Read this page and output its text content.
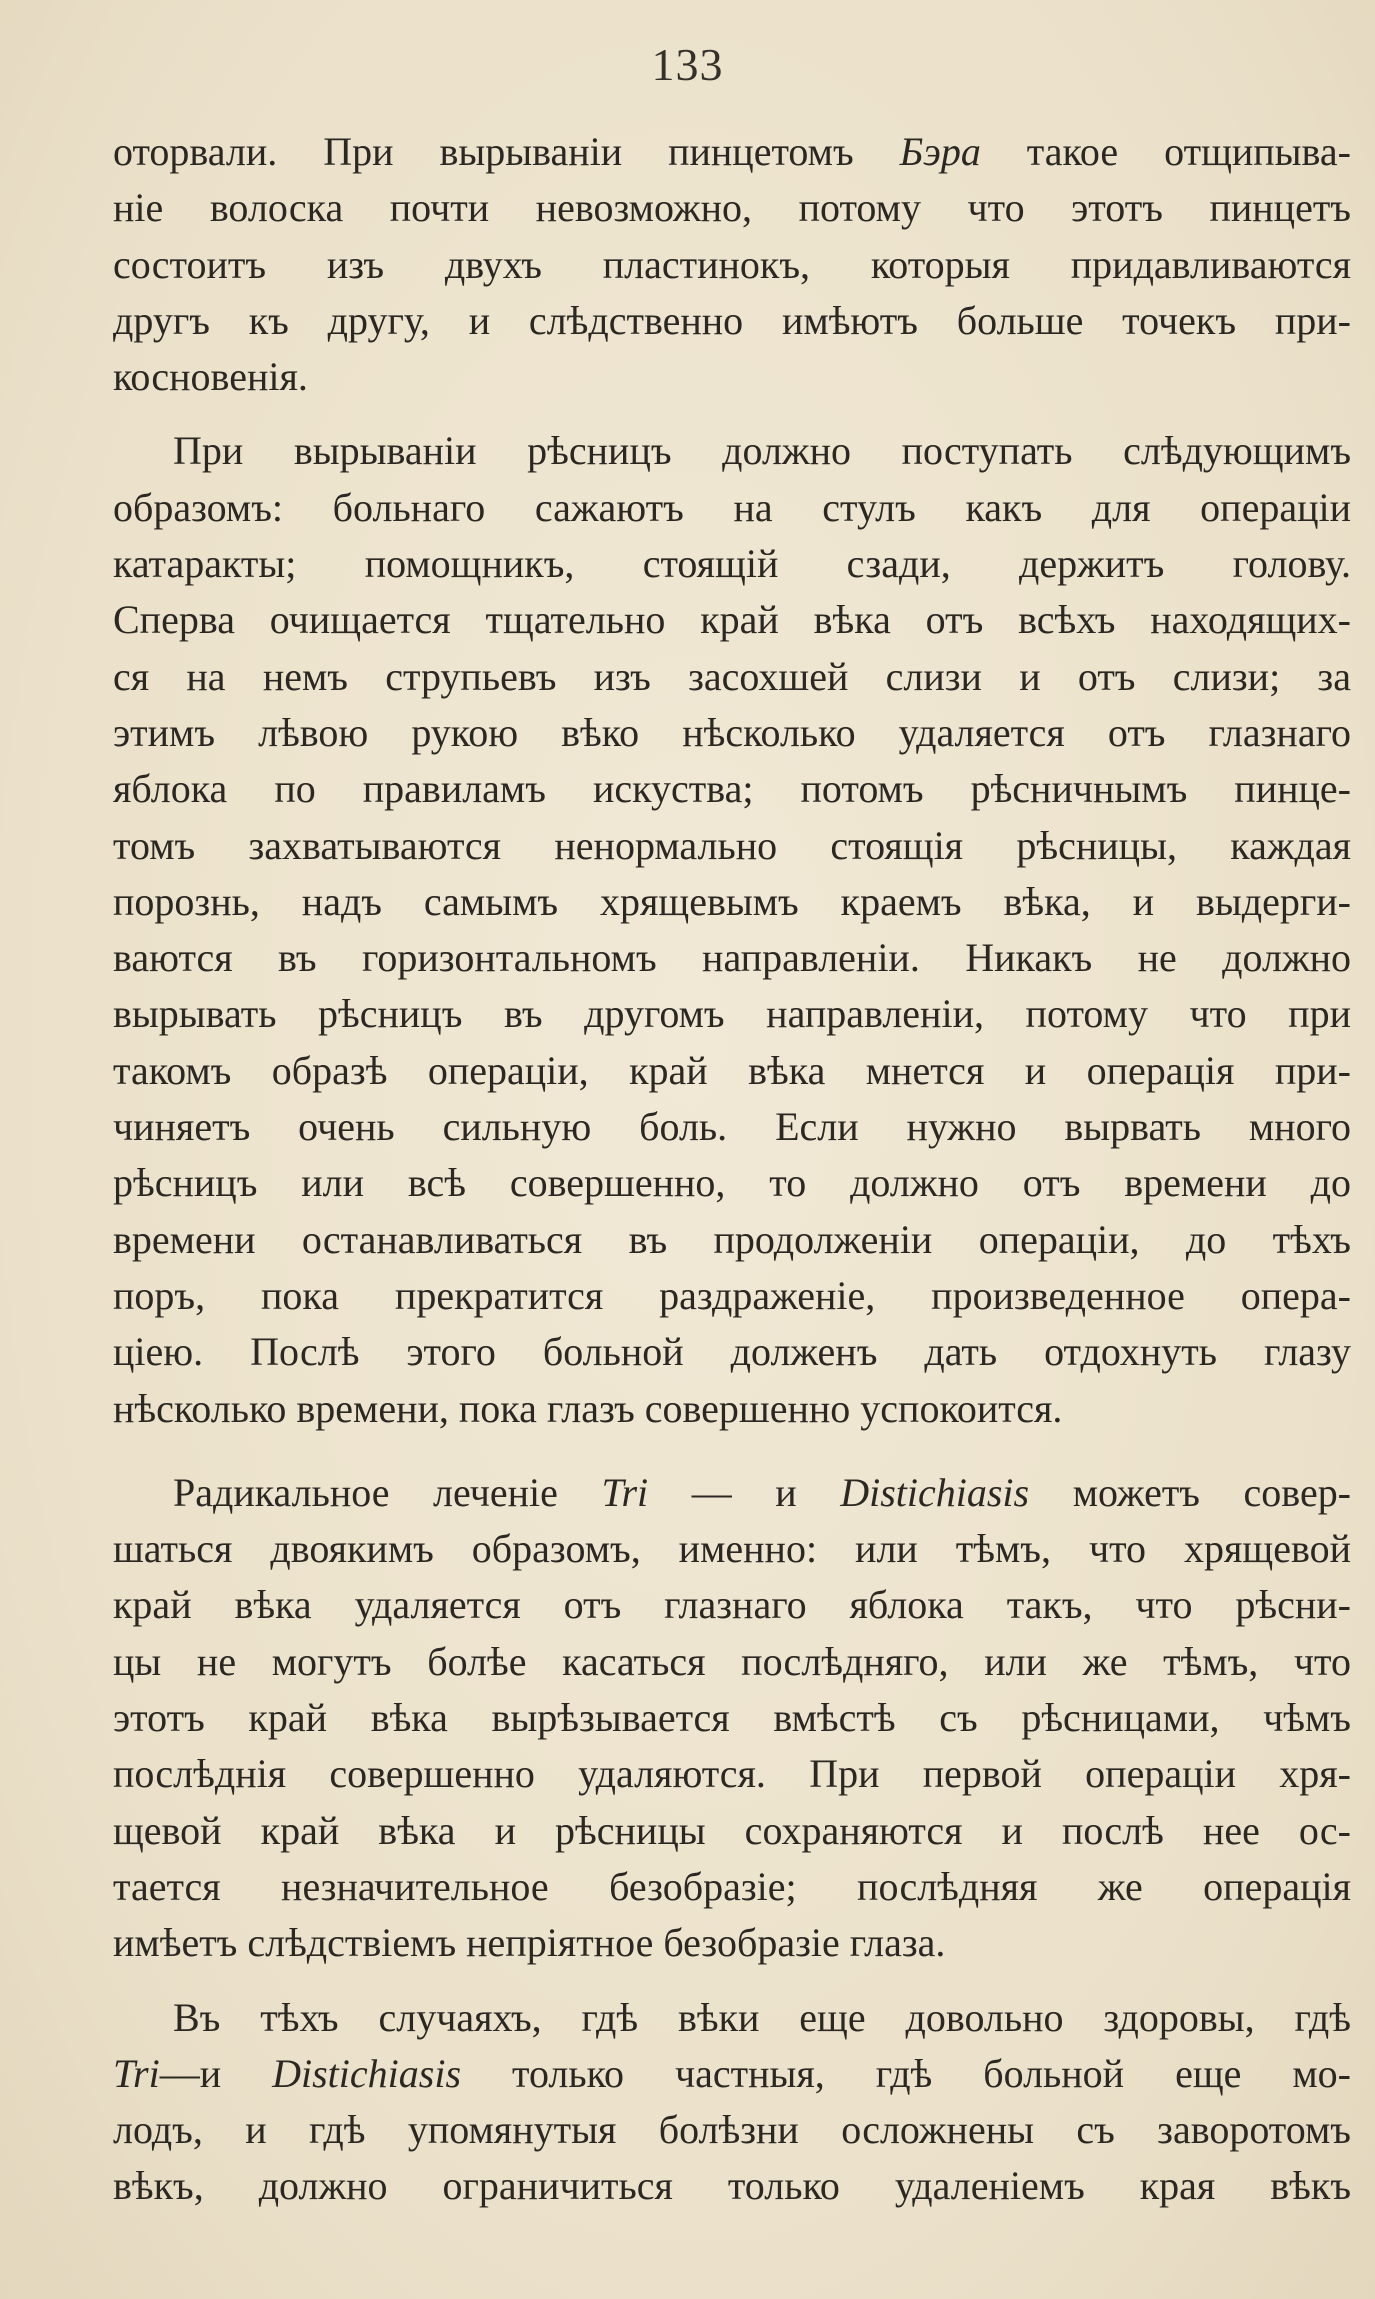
133
оторвали. При вырываніи пинцетомъ Бэра такое отщипыва-
ніе волоска почти невозможно, потому что этотъ пинцетъ
состоитъ изъ двухъ пластинокъ, которыя придавливаются
другъ къ другу, и слѣдственно имѣютъ больше точекъ при-
косновенія.
При вырываніи рѣсницъ должно поступать слѣдующимъ
образомъ: больнаго сажаютъ на стулъ какъ для операціи
катаракты; помощникъ, стоящій сзади, держитъ голову.
Сперва очищается тщательно край вѣка отъ всѣхъ находящих-
ся на немъ струпьевъ изъ засохшей слизи и отъ слизи; за
этимъ лѣвою рукою вѣко нѣсколько удаляется отъ глазнаго
яблока по правиламъ искуства; потомъ рѣсничнымъ пинце-
томъ захватываются ненормально стоящія рѣсницы, каждая
порознь, надъ самымъ хрящевымъ краемъ вѣка, и выдерги-
ваются въ горизонтальномъ направленіи. Никакъ не должно
вырывать рѣсницъ въ другомъ направленіи, потому что при
такомъ образѣ операціи, край вѣка мнется и операція при-
чиняетъ очень сильную боль. Если нужно вырвать много
рѣсницъ или всѣ совершенно, то должно отъ времени до
времени останавливаться въ продолженіи операціи, до тѣхъ
поръ, пока прекратится раздраженіе, произведенное опера-
ціею. Послѣ этого больной долженъ дать отдохнуть глазу
нѣсколько времени, пока глазъ совершенно успокоится.
Радикальное леченіе Tri — и Distichiasis можетъ совер-
шаться двоякимъ образомъ, именно: или тѣмъ, что хрящевой
край вѣка удаляется отъ глазнаго яблока такъ, что рѣсни-
цы не могутъ болѣе касаться послѣдняго, или же тѣмъ, что
этотъ край вѣка вырѣзывается вмѣстѣ съ рѣсницами, чѣмъ
послѣднія совершенно удаляются. При первой операціи хря-
щевой край вѣка и рѣсницы сохраняются и послѣ нее ос-
тается незначительное безобразіе; послѣдняя же операція
имѣетъ слѣдствіемъ непріятное безобразіе глаза.
Въ тѣхъ случаяхъ, гдѣ вѣки еще довольно здоровы, гдѣ
Tri—и Distichiasis только частныя, гдѣ больной еще мо-
лодъ, и гдѣ упомянутыя болѣзни осложнены съ заворотомъ
вѣкъ, должно ограничиться только удаленіемъ края вѣкъ
